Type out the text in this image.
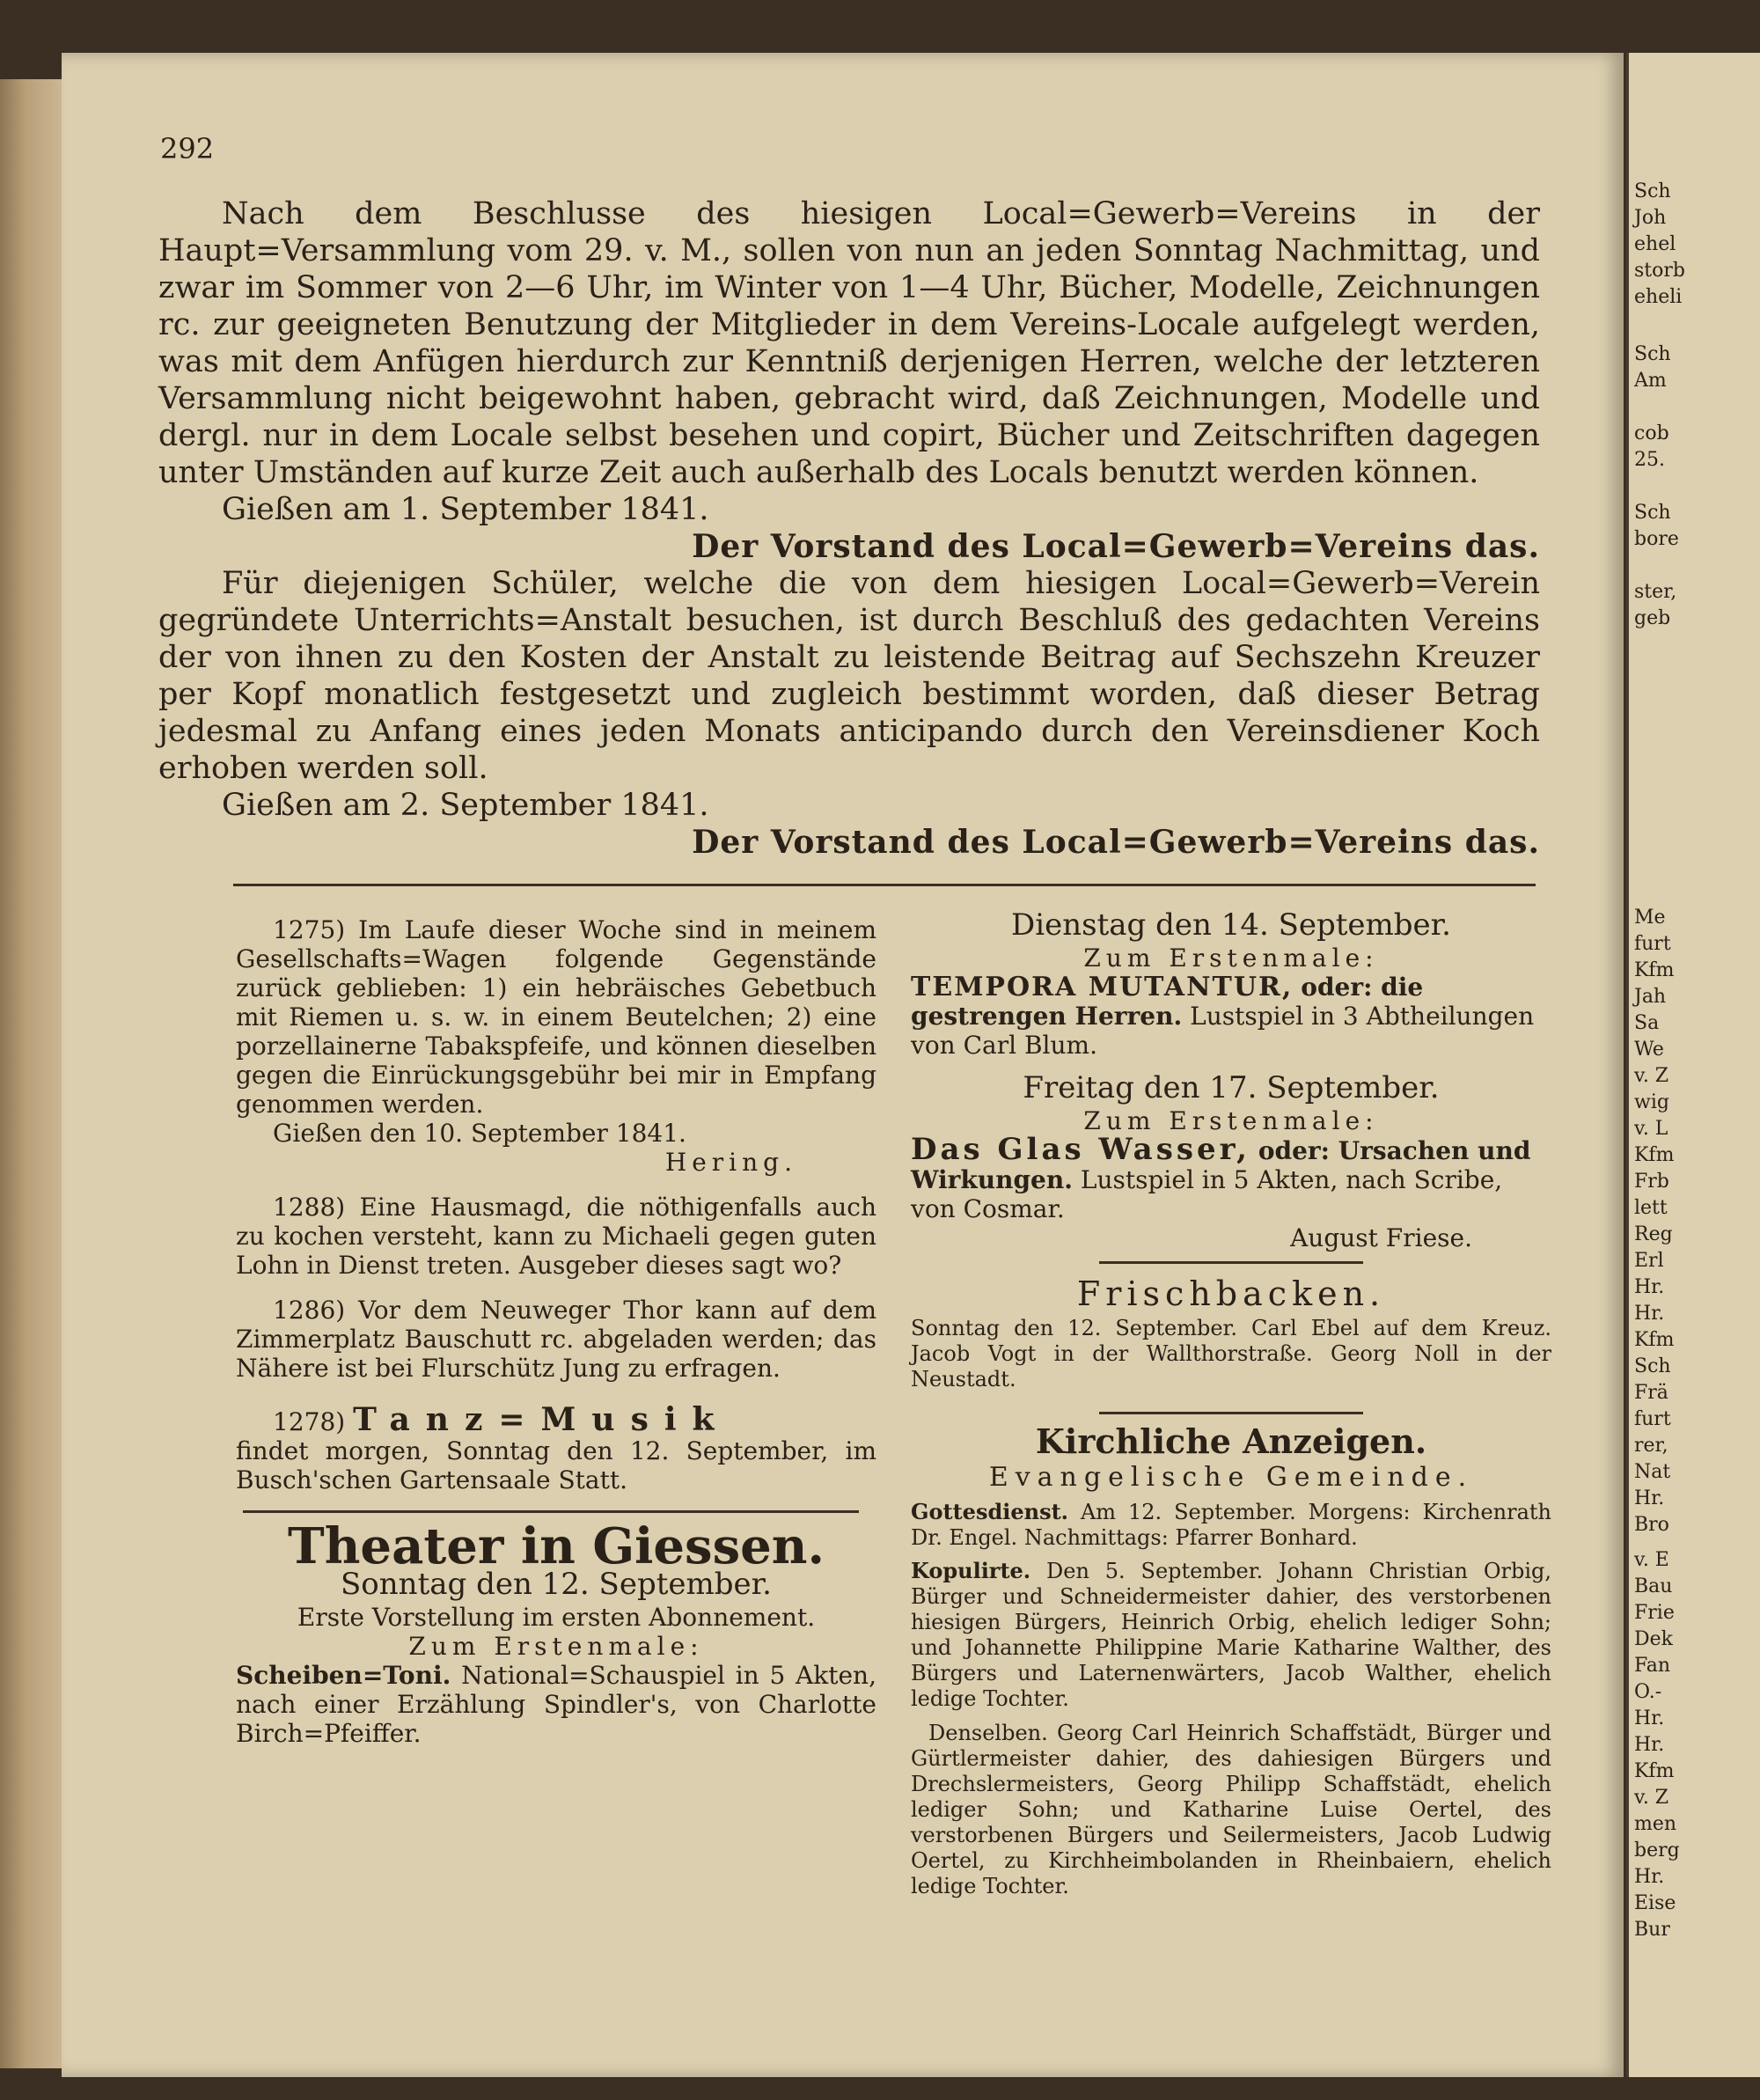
Sch
Joh
ehel
storb
eheli
Sch
Am
cob
25.
Sch
bore
ster,
geb
Me
furt
Kfm
Jah
Sa
We
v. Z
wig
v. L
Kfm
Frb
lett
Reg
Erl
Hr.
Hr.
Kfm
Sch
Frä
furt
rer,
Nat
Hr.
Bro
v. E
Bau
Frie
Dek
Fan
O.-
Hr.
Hr.
Kfm
v. Z
men
berg
Hr.
Eise
Bur
292

Nach dem Beschlusse des hiesigen Local=Gewerb=Vereins in der Haupt=Versammlung vom 29. v. M., sollen von nun an jeden Sonntag Nachmittag, und zwar im Sommer von 2—6 Uhr, im Winter von 1—4 Uhr, Bücher, Modelle, Zeichnungen rc. zur geeigneten Benutzung der Mitglieder in dem Vereins-Locale aufgelegt werden, was mit dem Anfügen hierdurch zur Kenntniß derjenigen Herren, welche der letzteren Versammlung nicht beigewohnt haben, gebracht wird, daß Zeichnungen, Modelle und dergl. nur in dem Locale selbst besehen und copirt, Bücher und Zeitschriften dagegen unter Umständen auf kurze Zeit auch außerhalb des Locals benutzt werden können.

Gießen am 1. September 1841.

Der Vorstand des Local=Gewerb=Vereins das.

Für diejenigen Schüler, welche die von dem hiesigen Local=Gewerb=Verein gegründete Unterrichts=Anstalt besuchen, ist durch Beschluß des gedachten Vereins der von ihnen zu den Kosten der Anstalt zu leistende Beitrag auf Sechszehn Kreuzer per Kopf monatlich festgesetzt und zugleich bestimmt worden, daß dieser Betrag jedesmal zu Anfang eines jeden Monats anticipando durch den Vereinsdiener Koch erhoben werden soll.

Gießen am 2. September 1841.

Der Vorstand des Local=Gewerb=Vereins das.

1275) Im Laufe dieser Woche sind in meinem Gesellschafts=Wagen folgende Gegenstände zurück geblieben: 1) ein hebräisches Gebetbuch mit Riemen u. s. w. in einem Beutelchen; 2) eine porzellainerne Tabakspfeife, und können dieselben gegen die Einrückungsgebühr bei mir in Empfang genommen werden.

Gießen den 10. September 1841.

Hering.

1288) Eine Hausmagd, die nöthigenfalls auch zu kochen versteht, kann zu Michaeli gegen guten Lohn in Dienst treten. Ausgeber dieses sagt wo?

1286) Vor dem Neuweger Thor kann auf dem Zimmerplatz Bauschutt rc. abgeladen werden; das Nähere ist bei Flurschütz Jung zu erfragen.

1278) Tanz=Musik

findet morgen, Sonntag den 12. September, im Busch'schen Gartensaale Statt.

Theater in Giessen.
Sonntag den 12. September.

Erste Vorstellung im ersten Abonnement.

Zum Erstenmale:

Scheiben=Toni. National=Schauspiel in 5 Akten, nach einer Erzählung Spindler's, von Charlotte Birch=Pfeiffer.

Dienstag den 14. September.

Zum Erstenmale:

TEMPORA MUTANTUR, oder: die gestrengen Herren. Lustspiel in 3 Abtheilungen von Carl Blum.

Freitag den 17. September.

Zum Erstenmale:

Das Glas Wasser, oder: Ursachen und Wirkungen. Lustspiel in 5 Akten, nach Scribe, von Cosmar.

August Friese.

Frischbacken.

Sonntag den 12. September. Carl Ebel auf dem Kreuz. Jacob Vogt in der Wallthorstraße. Georg Noll in der Neustadt.

Kirchliche Anzeigen.
Evangelische Gemeinde.

Gottesdienst. Am 12. September. Morgens: Kirchenrath Dr. Engel. Nachmittags: Pfarrer Bonhard.

Kopulirte. Den 5. September. Johann Christian Orbig, Bürger und Schneidermeister dahier, des verstorbenen hiesigen Bürgers, Heinrich Orbig, ehelich lediger Sohn; und Johannette Philippine Marie Katharine Walther, des Bürgers und Laternenwärters, Jacob Walther, ehelich ledige Tochter.

Denselben. Georg Carl Heinrich Schaffstädt, Bürger und Gürtlermeister dahier, des dahiesigen Bürgers und Drechslermeisters, Georg Philipp Schaffstädt, ehelich lediger Sohn; und Katharine Luise Oertel, des verstorbenen Bürgers und Seilermeisters, Jacob Ludwig Oertel, zu Kirchheimbolanden in Rheinbaiern, ehelich ledige Tochter.
